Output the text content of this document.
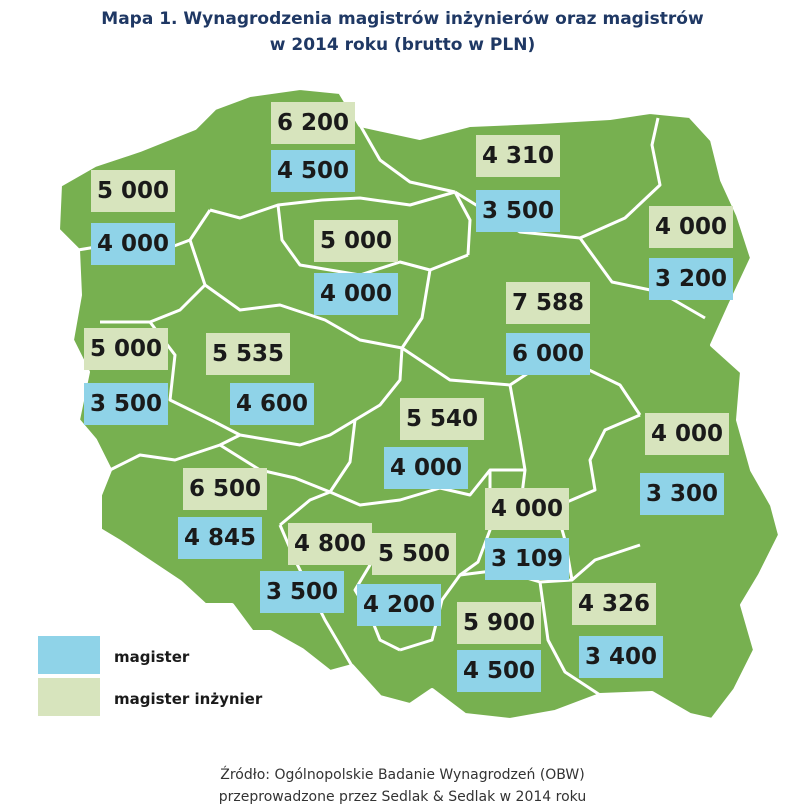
Mapa 1. Wynagrodzenia magistrów inżynierów oraz magistrów
w 2014 roku (brutto w PLN)
6 200
4 500
4 310
3 500
5 000
4 000
4 000
3 200
5 000
4 000	7 588
6 000
5 000
3 500
5 535
4 600
5 540
4 000
4 000
3 300
6 500
4 845
4 000
3 109
4 800
3 500
5 500
4 200
5 900
4 500
4 326
3 400
magister
magister inżynier
Źródło: Ogólnopolskie Badanie Wynagrodzeń (OBW)
przeprowadzone przez Sedlak & Sedlak w 2014 roku
